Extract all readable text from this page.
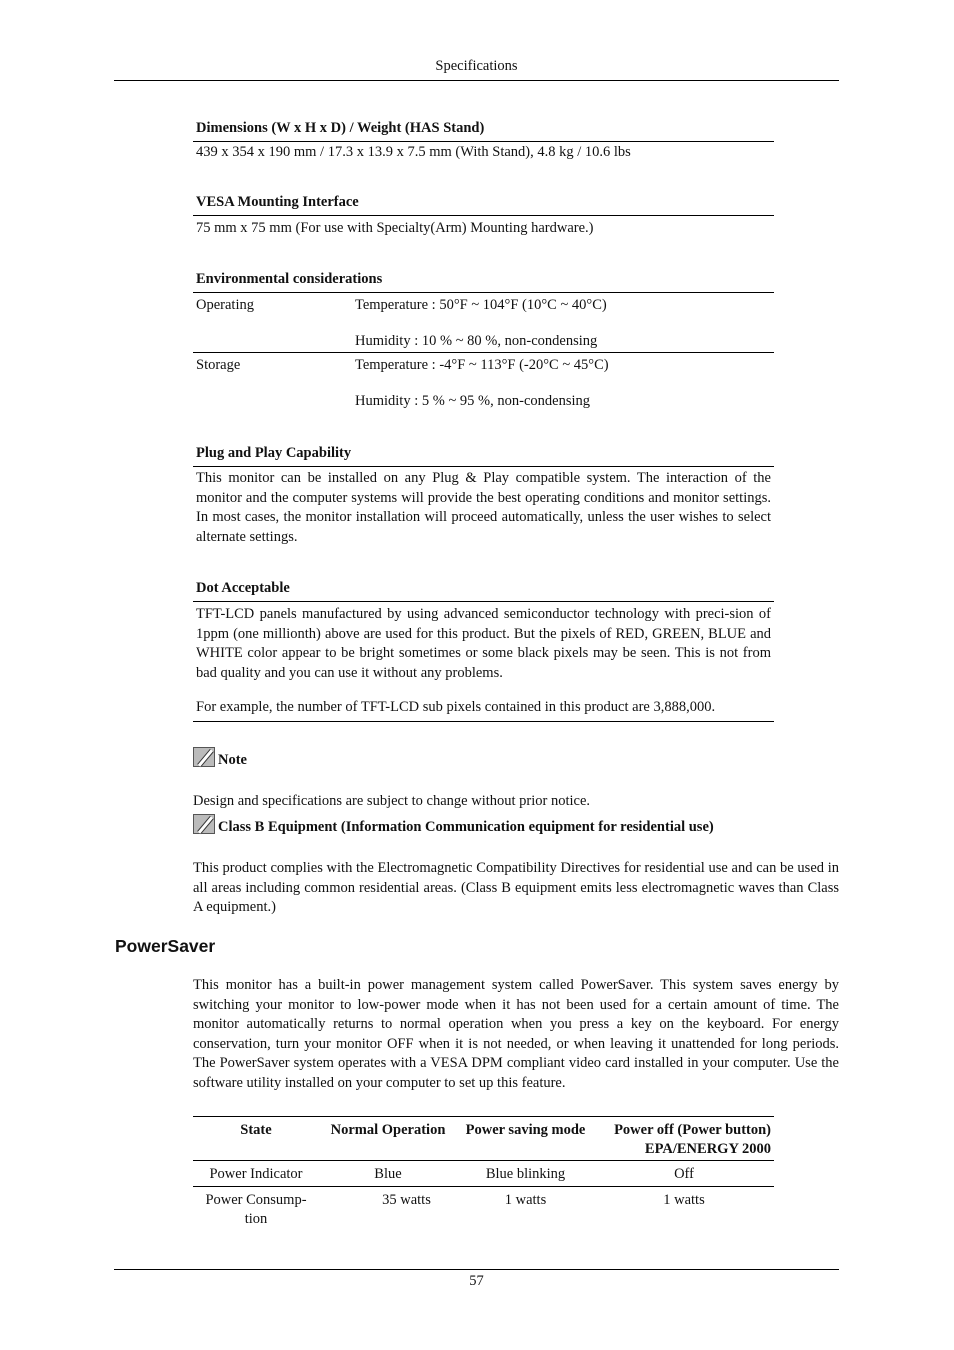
Specifications
Dimensions (W x H x D) / Weight (HAS Stand)
439 x 354 x 190 mm / 17.3 x 13.9 x 7.5 mm (With Stand), 4.8 kg / 10.6 lbs
VESA Mounting Interface
75 mm x 75 mm (For use with Specialty(Arm) Mounting hardware.)
Environmental considerations
Operating	Temperature : 50°F ~ 104°F (10°C ~ 40°C)
Humidity : 10 % ~ 80 %, non-condensing
Storage	Temperature : -4°F ~ 113°F (-20°C ~ 45°C)
Humidity : 5 % ~ 95 %, non-condensing
Plug and Play Capability
This monitor can be installed on any Plug & Play compatible system. The interaction of the monitor and the computer systems will provide the best operating conditions and monitor settings. In most cases, the monitor installation will proceed automatically, unless the user wishes to select alternate settings.
Dot Acceptable
TFT-LCD panels manufactured by using advanced semiconductor technology with preci-sion of 1ppm (one millionth) above are used for this product. But the pixels of RED, GREEN, BLUE and WHITE color appear to be bright sometimes or some black pixels may be seen. This is not from bad quality and you can use it without any problems.
For example, the number of TFT-LCD sub pixels contained in this product are 3,888,000.
Note
Design and specifications are subject to change without prior notice.
Class B Equipment (Information Communication equipment for residential use)
This product complies with the Electromagnetic Compatibility Directives for residential use and can be used in all areas including common residential areas. (Class B equipment emits less electromagnetic waves than Class A equipment.)
PowerSaver
This monitor has a built-in power management system called PowerSaver. This system saves energy by switching your monitor to low-power mode when it has not been used for a certain amount of time. The monitor automatically returns to normal operation when you press a key on the keyboard. For energy conservation, turn your monitor OFF when it is not needed, or when leaving it unattended for long periods. The PowerSaver system operates with a VESA DPM compliant video card installed in your computer. Use the software utility installed on your computer to set up this feature.
State	Normal Operation	Power saving mode	Power off (Power button) EPA/ENERGY 2000
Power Indicator	Blue	Blue blinking	Off
Power Consump-tion	35 watts	1 watts	1 watts
57
